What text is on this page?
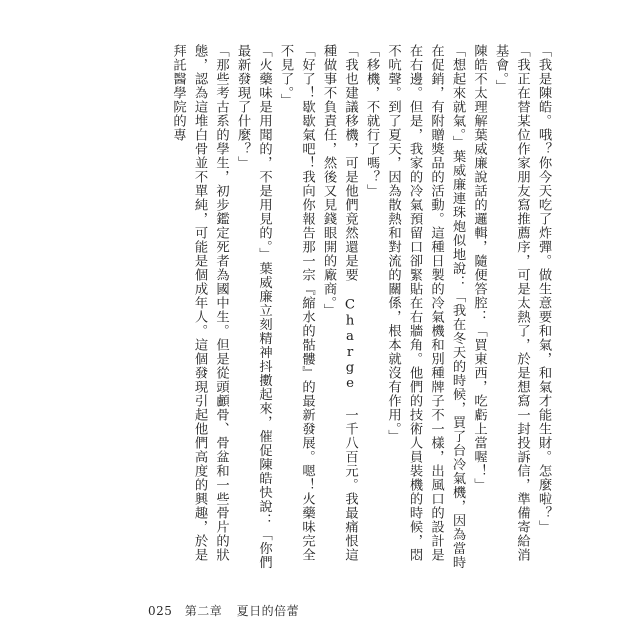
「我是陳皓。哦？你今天吃了炸彈。做生意要和氣，和氣才能生財。怎麼啦？」

「我正在替某位作家朋友寫推薦序，可是太熱了，於是想寫一封投訴信，準備寄給消基會。」

陳皓不太理解葉威廉說話的邏輯，隨便答腔：「買東西，吃虧上當喔！」

「想起來就氣。」葉威廉連珠炮似地說：「我在冬天的時候，買了台冷氣機，因為當時在促銷，有附贈獎品的活動。這種日製的冷氣機和別種牌子不一樣，出風口的設計是在右邊。但是，我家的冷氣預留口卻緊貼在右牆角。他們的技術人員裝機的時候，悶不吭聲。到了夏天，因為散熱和對流的關係，根本就沒有作用。」

「移機，不就行了嗎？」

「我也建議移機，可是他們竟然還是要 Charge 一千八百元。我最痛恨這種做事不負責任，然後又見錢眼開的廠商。」

「好了！歇歇氣吧！我向你報告那一宗『縮水的骷髏』的最新發展。嗯！火藥味完全不見了。」

「火藥味是用聞的，不是用見的。」葉威廉立刻精神抖擻起來，催促陳皓快說：「你們最新發現了什麼？」

「那些考古系的學生，初步鑑定死者為國中生。但是從頭顱骨、骨盆和一些骨片的狀態，認為這堆白骨並不單純，可能是個成年人。這個發現引起他們高度的興趣，於是拜託醫學院的專

025 第二章 夏日的倍蕾
